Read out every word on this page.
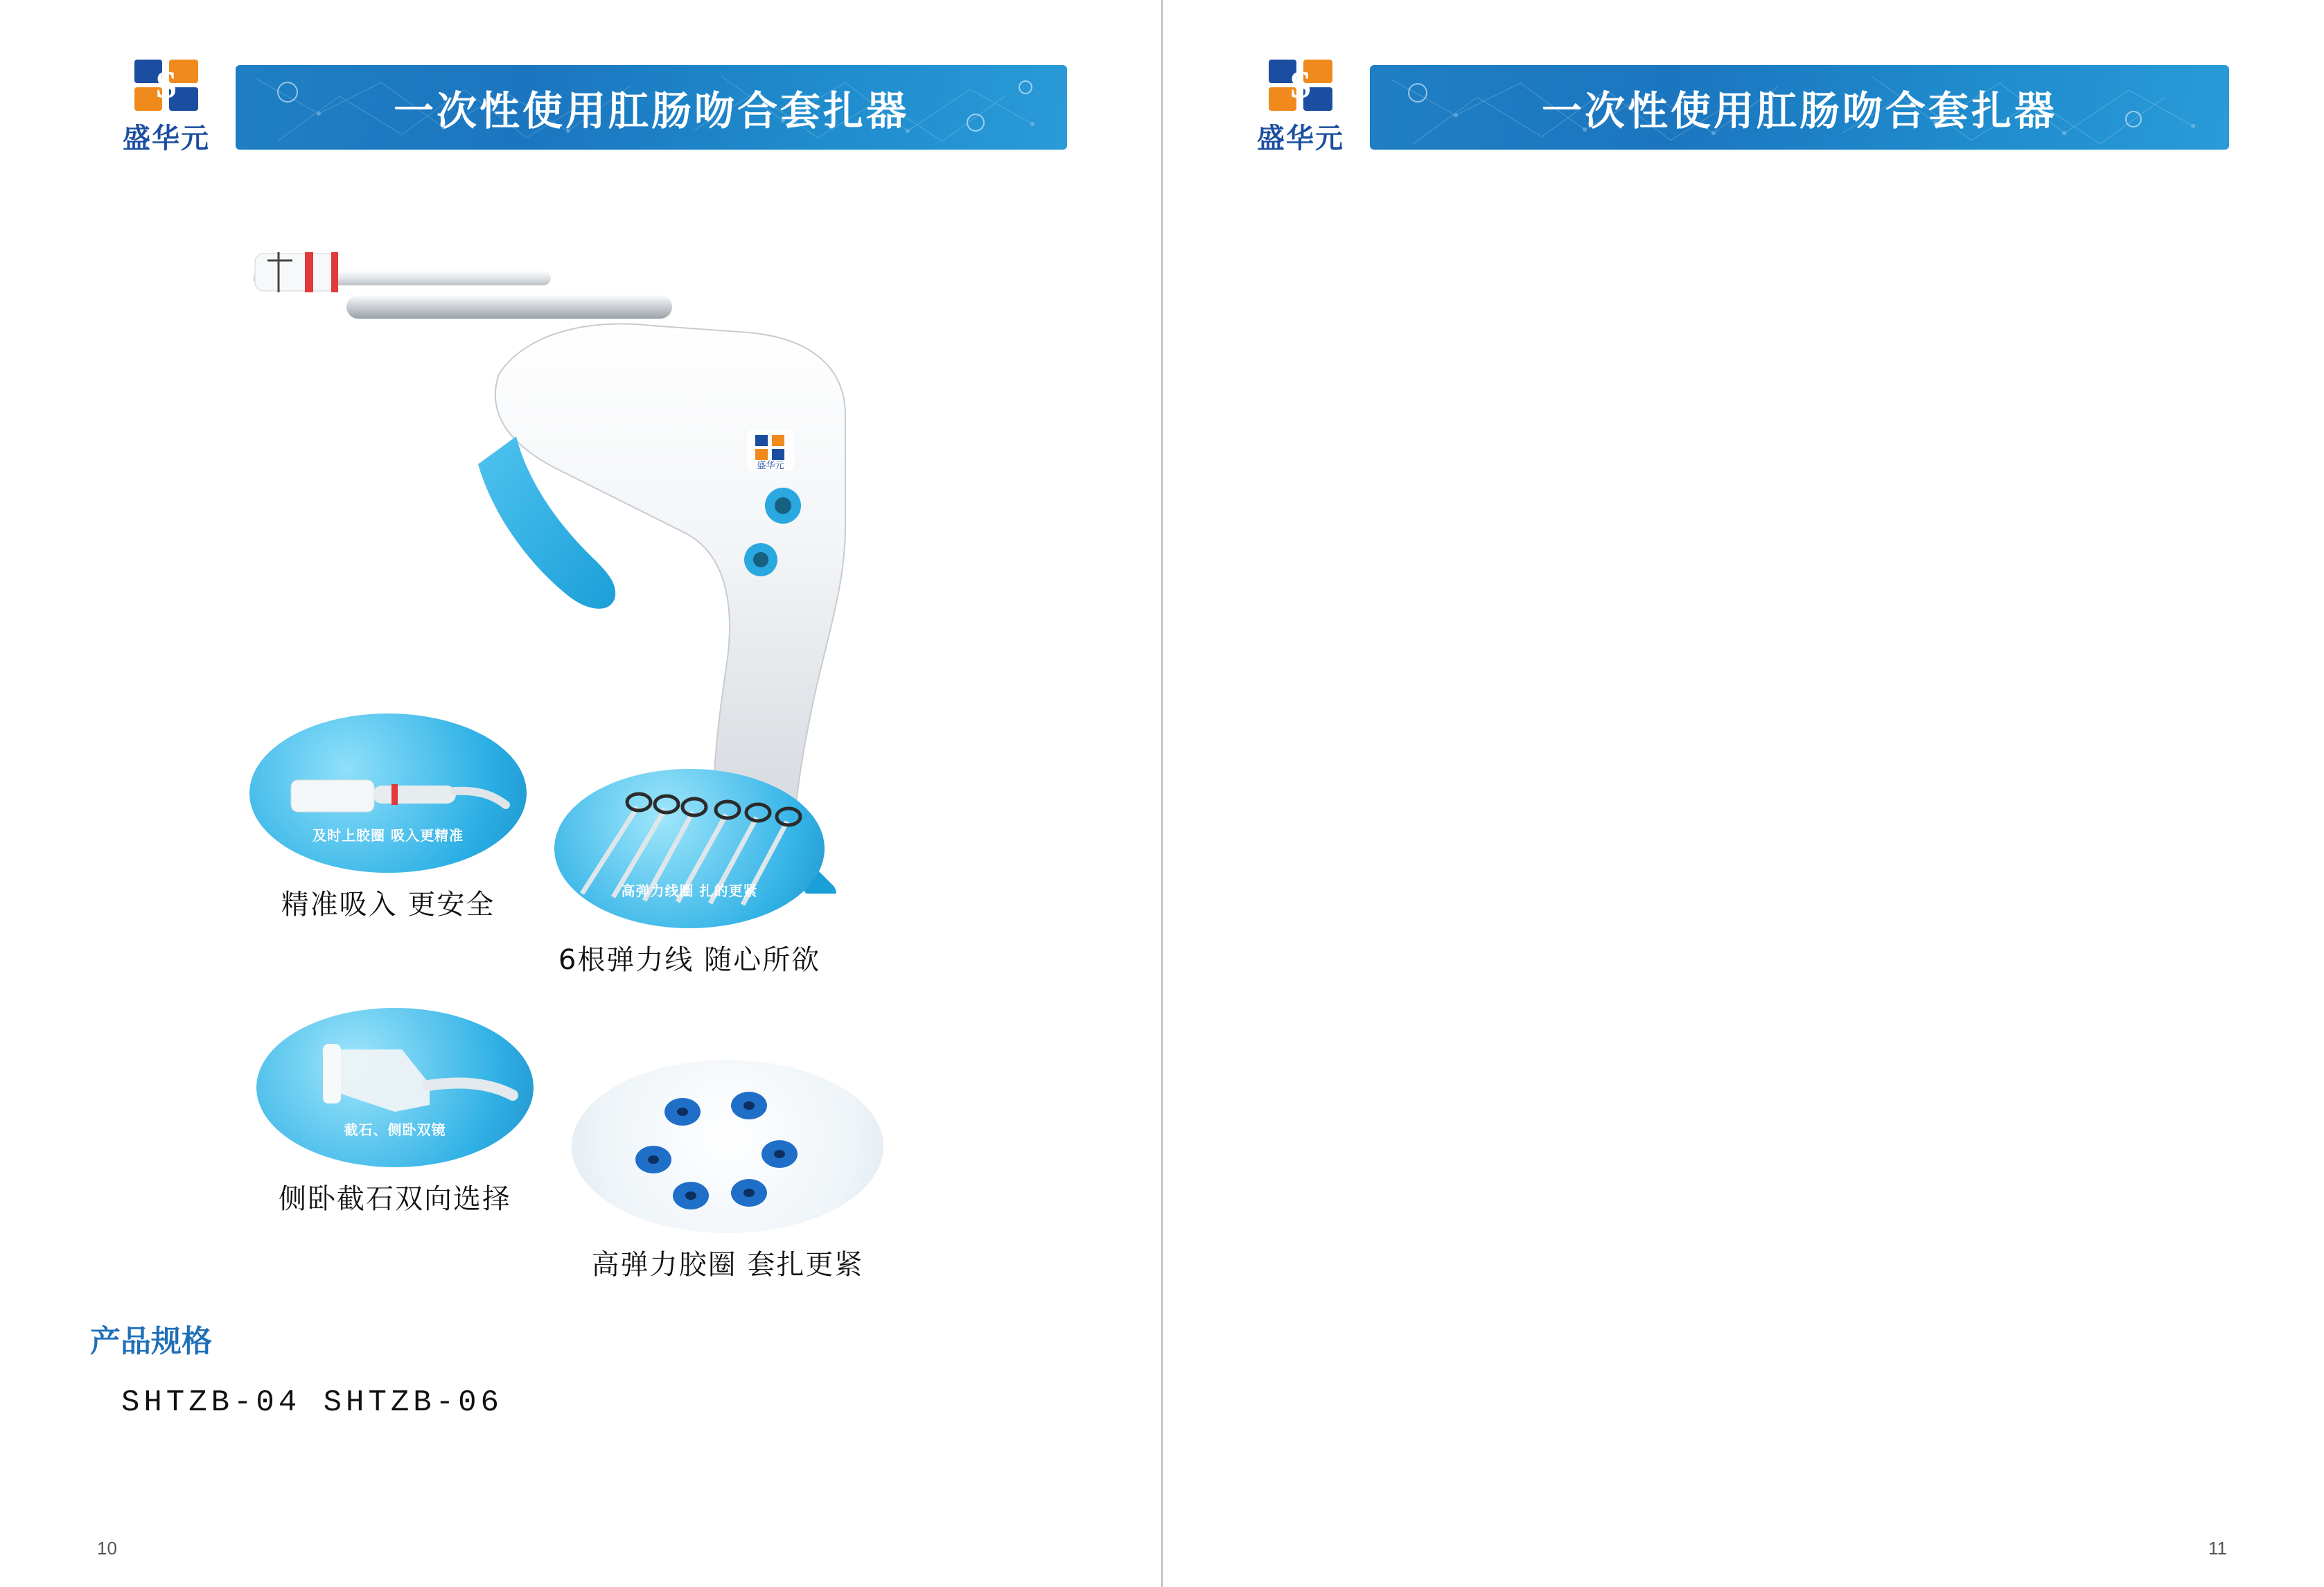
S
盛华元
一次性使用肛肠吻合套扎器
盛华元
及时上胶圈 吸入更精准
精准吸入 更安全	高弹力线圈 扎的更紧
6根弹力线 随心所欲
截石、侧卧双镜
侧卧截石双向选择
高弹力胶圈 套扎更紧
产品规格
SHTZB-04 SHTZB-06
10
S
盛华元
一次性使用肛肠吻合套扎器
11
